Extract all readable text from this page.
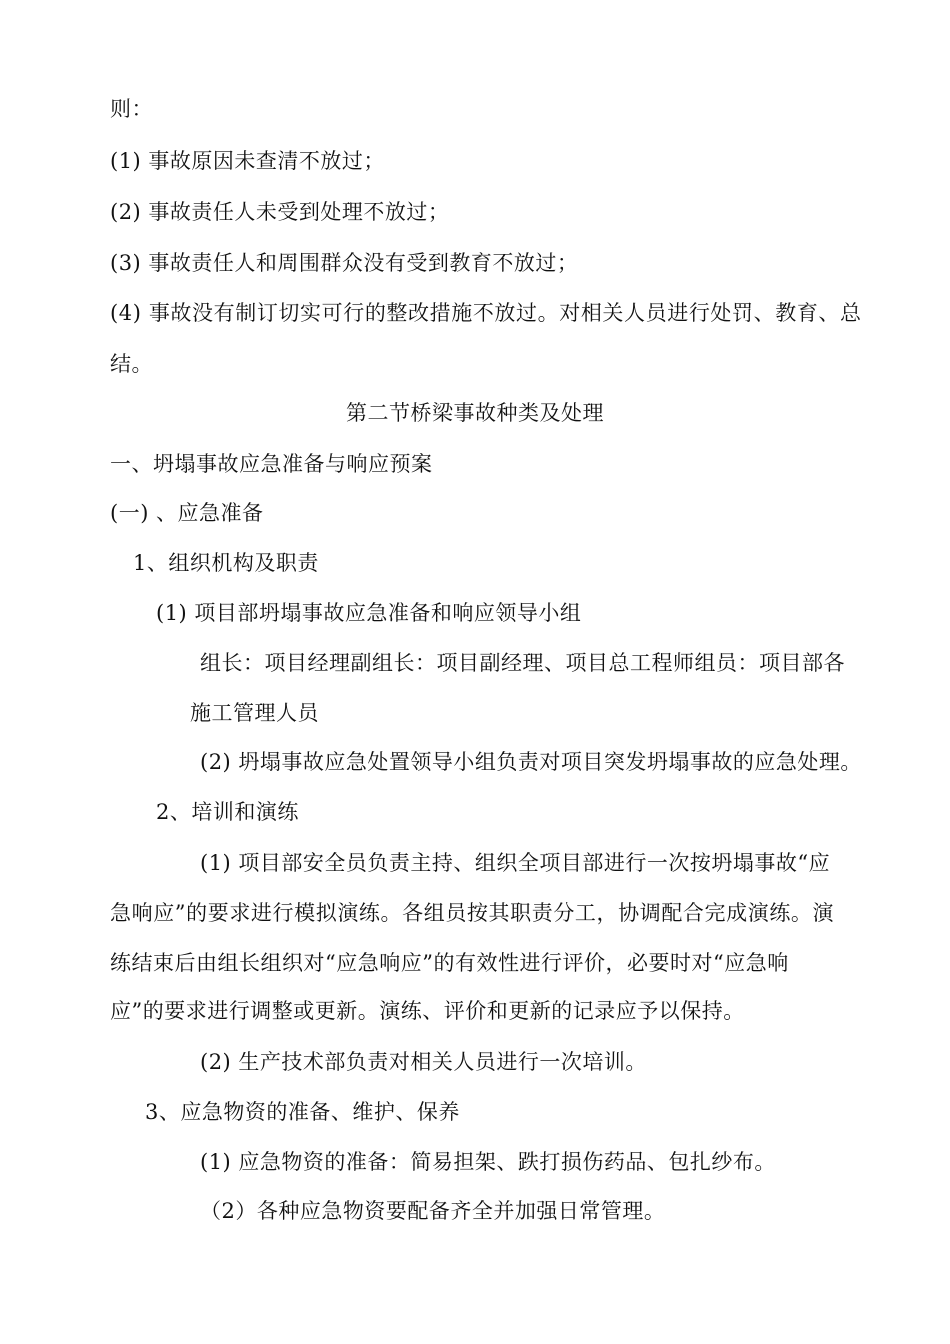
则：
(1) 事故原因未查清不放过；
(2) 事故责任人未受到处理不放过；
(3) 事故责任人和周围群众没有受到教育不放过；
(4) 事故没有制订切实可行的整改措施不放过。对相关人员进行处罚、教育、总
结。
第二节桥梁事故种类及处理
一、坍塌事故应急准备与响应预案
(一) 、应急准备
1、组织机构及职责
(1) 项目部坍塌事故应急准备和响应领导小组
组长：项目经理副组长：项目副经理、项目总工程师组员：项目部各
施工管理人员
(2) 坍塌事故应急处置领导小组负责对项目突发坍塌事故的应急处理。
2、培训和演练
(1) 项目部安全员负责主持、组织全项目部进行一次按坍塌事故“应
急响应”的要求进行模拟演练。各组员按其职责分工，协调配合完成演练。演
练结束后由组长组织对“应急响应”的有效性进行评价，必要时对“应急响
应”的要求进行调整或更新。演练、评价和更新的记录应予以保持。
(2) 生产技术部负责对相关人员进行一次培训。
3、应急物资的准备、维护、保养
(1) 应急物资的准备：简易担架、跌打损伤药品、包扎纱布。
（2）各种应急物资要配备齐全并加强日常管理。
